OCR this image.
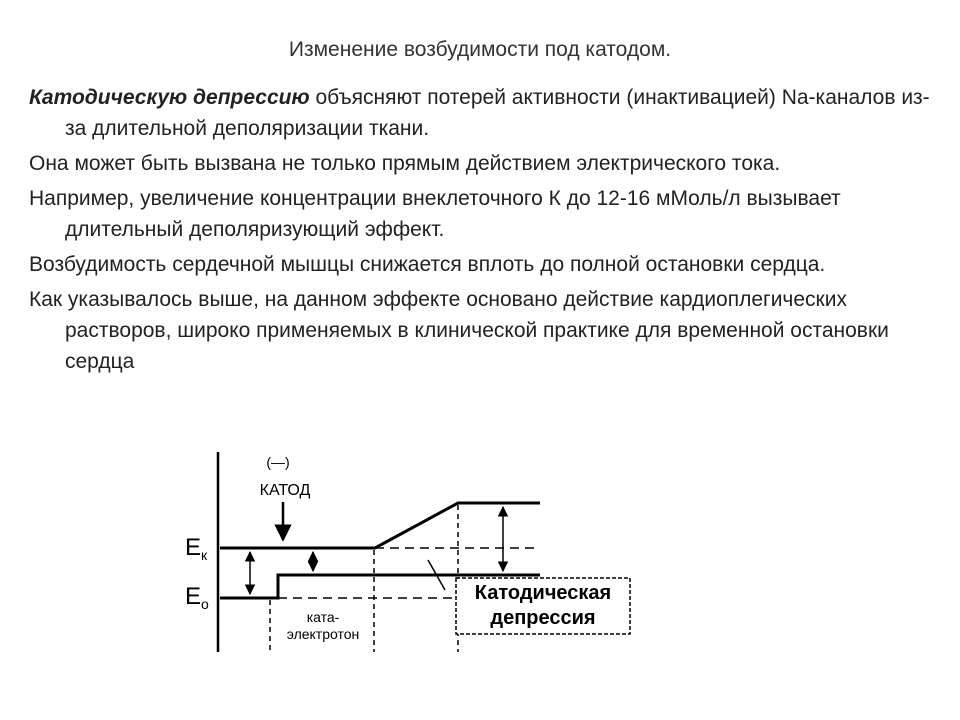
Изменение возбудимости под катодом.

Катодическую депрессию объясняют потерей активности (инактивацией) Na-каналов из-за длительной деполяризации ткани.

Она может быть вызвана не только прямым действием электрического тока.

Например, увеличение концентрации внеклеточного К до 12-16 мМоль/л вызывает длительный деполяризующий эффект.

Возбудимость сердечной мышцы снижается вплоть до полной остановки сердца.

Как указывалось выше, на данном эффекте основано действие кардиоплегических растворов, широко применяемых в клинической практике для временной остановки сердца

(—)
КАТОД
$E_к$
$E_o$
ката-
электротон
Катодическая
депрессия
